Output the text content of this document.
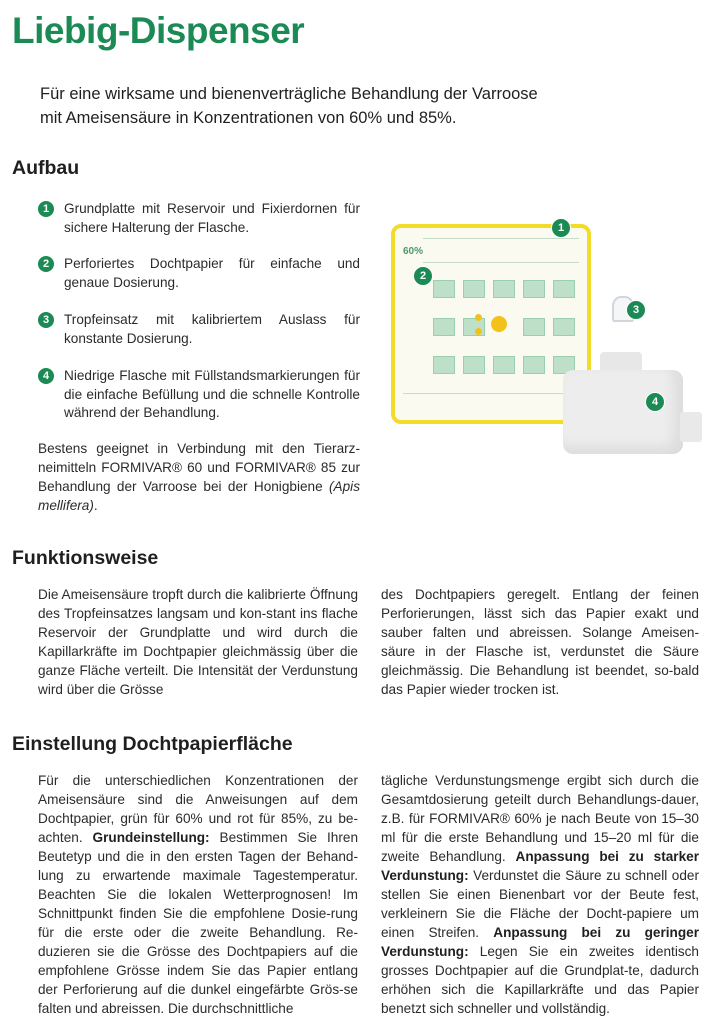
Liebig-Dispenser
Für eine wirksame und bienenverträgliche Behandlung der Varroose
mit Ameisensäure in Konzentrationen von 60% und 85%.
Aufbau
1	Grundplatte mit Reservoir und Fixierdornen für sichere Halterung der Flasche.
2	Perforiertes Dochtpapier für einfache und genaue Dosierung.
3	Tropfeinsatz mit kalibriertem Auslass für konstante Dosierung.
4	Niedrige Flasche mit Füllstandsmarkierungen für die einfache Befüllung und die schnelle Kontrolle während der Behandlung.
Bestens geeignet in Verbindung mit den Tierarz-neimitteln FORMIVAR® 60 und FORMIVAR® 85 zur Behandlung der Varroose bei der Honigbiene (Apis mellifera).
60%
1
2
3
4
Funktionsweise
Die Ameisensäure tropft durch die kalibrierte Öffnung des Tropfeinsatzes langsam und kon-stant ins flache Reservoir der Grundplatte und wird durch die Kapillarkräfte im Dochtpapier gleichmässig über die ganze Fläche verteilt. Die Intensität der Verdunstung wird über die Grösse
des Dochtpapiers geregelt. Entlang der feinen Perforierungen, lässt sich das Papier exakt und sauber falten und abreissen. Solange Ameisen-säure in der Flasche ist, verdunstet die Säure gleichmässig. Die Behandlung ist beendet, so-bald das Papier wieder trocken ist.
Einstellung Dochtpapierfläche
Für die unterschiedlichen Konzentrationen der Ameisensäure sind die Anweisungen auf dem Dochtpapier, grün für 60% und rot für 85%, zu be-achten. Grundeinstellung: Bestimmen Sie Ihren Beutetyp und die in den ersten Tagen der Behand-lung zu erwartende maximale Tagestemperatur. Beachten Sie die lokalen Wetterprognosen! Im Schnittpunkt finden Sie die empfohlene Dosie-rung für die erste oder die zweite Behandlung. Re-duzieren sie die Grösse des Dochtpapiers auf die empfohlene Grösse indem Sie das Papier entlang der Perforierung auf die dunkel eingefärbte Grös-se falten und abreissen. Die durchschnittliche
tägliche Verdunstungsmenge ergibt sich durch die Gesamtdosierung geteilt durch Behandlungs-dauer, z.B. für FORMIVAR® 60% je nach Beute von 15–30 ml für die erste Behandlung und 15–20 ml für die zweite Behandlung. Anpassung bei zu starker Verdunstung: Verdunstet die Säure zu schnell oder stellen Sie einen Bienenbart vor der Beute fest, verkleinern Sie die Fläche der Docht-papiere um einen Streifen. Anpassung bei zu geringer Verdunstung: Legen Sie ein zweites identisch grosses Dochtpapier auf die Grundplat-te, dadurch erhöhen sich die Kapillarkräfte und das Papier benetzt sich schneller und vollständig.
